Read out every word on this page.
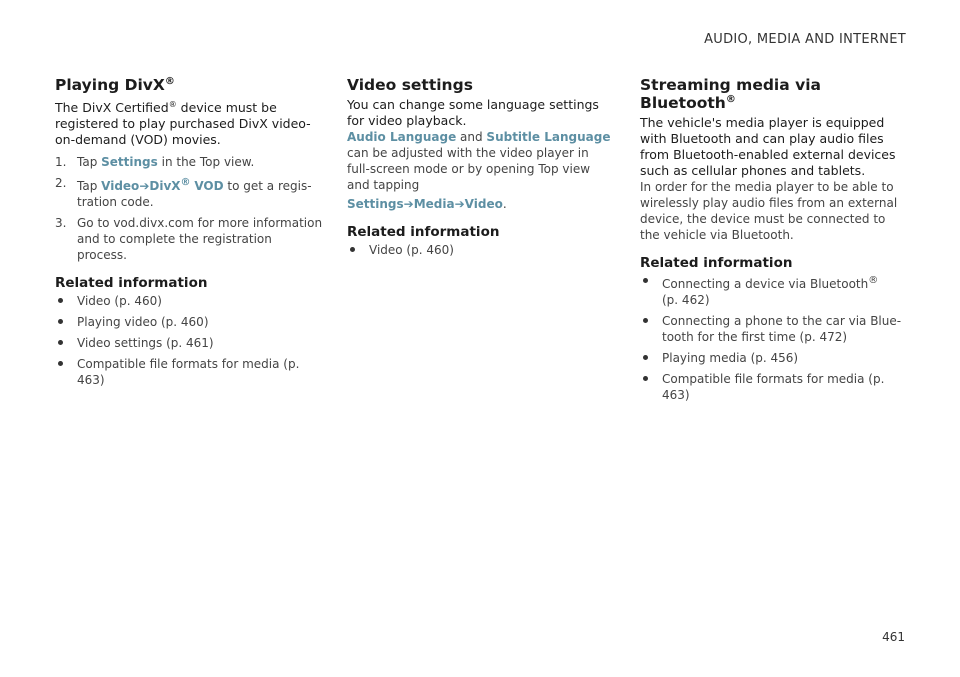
AUDIO, MEDIA AND INTERNET
Playing DivX®

The DivX Certified® device must be registered to play purchased DivX video-on-demand (VOD) movies.

1. Tap Settings in the Top view.
2. Tap Video➔DivX® VOD to get a regis-tration code.
3. Go to vod.divx.com for more information and to complete the registration process.
Related information
Video (p. 460)
Playing video (p. 460)
Video settings (p. 461)
Compatible file formats for media (p. 463)
Video settings

You can change some language settings for video playback.

Audio Language and Subtitle Language can be adjusted with the video player in full-screen mode or by opening Top view and tapping

Settings➔Media➔Video.

Related information
Video (p. 460)
Streaming media via Bluetooth®

The vehicle's media player is equipped with Bluetooth and can play audio files from Bluetooth-enabled external devices such as cellular phones and tablets.

In order for the media player to be able to wirelessly play audio files from an external device, the device must be connected to the vehicle via Bluetooth.

Related information
Connecting a device via Bluetooth®
(p. 462)
Connecting a phone to the car via Blue-tooth for the first time (p. 472)
Playing media (p. 456)
Compatible file formats for media (p. 463)
461
